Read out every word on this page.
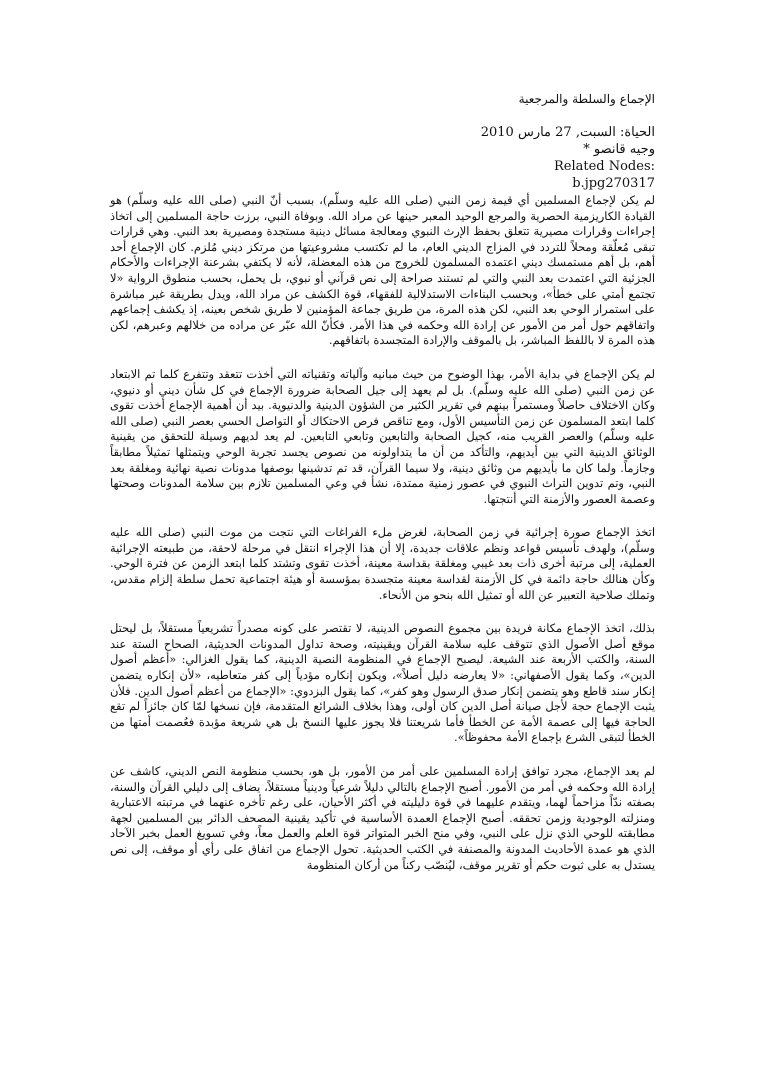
الإجماع والسلطة والمرجعية

الحياة: السبت, 27 مارس 2010

وجيه قانصو *

Related Nodes:

b.jpg270317

لم يكن لإجماع المسلمين أي قيمة زمن النبي (صلى الله عليه وسلّم)، بسبب أنّ النبي (صلى الله عليه وسلّم) هو القيادة الكاريزمية الحصرية والمرجع الوحيد المعبر حينها عن مراد الله. وبوفاة النبي، برزت حاجة المسلمين إلى اتخاذ إجراءات وقرارات مصيرية تتعلق بحفظ الإرث النبوي ومعالجة مسائل دينية مستجدة ومصيرية بعد النبي. وهي قرارات تبقى مُعلّقة ومحلاً للتردد في المزاج الديني العام، ما لم تكتسب مشروعيتها من مرتكز ديني مُلزم. كان الإجماع أحد أهم، بل أهم مستمسك ديني اعتمده المسلمون للخروج من هذه المعضلة، لأنه لا يكتفي بشرعنة الإجراءات والأحكام الجزئية التي اعتمدت بعد النبي والتي لم تستند صراحة إلى نص قرآني أو نبوي، بل يحمل، بحسب منطوق الرواية «لا تجتمع أمتي على خطأ»، وبحسب البناءات الاستدلالية للفقهاء، قوة الكشف عن مراد الله، ويدل بطريقة غير مباشرة على استمرار الوحي بعد النبي، لكن هذه المرة، من طريق جماعة المؤمنين لا طريق شخص بعينه، إذ يكشف إجماعهم واتفاقهم حول أمر من الأمور عن إرادة الله وحكمه في هذا الأمر. فكأنّ الله عبّر عن مراده من خلالهم وعبرهم، لكن هذه المرة لا باللفظ المباشر، بل بالموقف والإرادة المتجسدة باتفاقهم.

لم يكن الإجماع في بداية الأمر، بهذا الوضوح من حيث مبانيه وآلياته وتقنياته التي أخذت تتعقد وتتفرع كلما تم الابتعاد عن زمن النبي (صلى الله عليه وسلّم). بل لم يعهد إلى جيل الصحابة ضرورة الإجماع في كل شأن ديني أو دنيوي، وكان الاختلاف حاصلاً ومستمراً بينهم في تقرير الكثير من الشؤون الدينية والدنيوية. بيد أن أهمية الإجماع أخذت تقوى كلما ابتعد المسلمون عن زمن التأسيس الأول، ومع تناقص فرص الاحتكاك أو التواصل الحسي بعصر النبي (صلى الله عليه وسلّم) والعصر القريب منه، كجيل الصحابة والتابعين وتابعي التابعين. لم يعد لديهم وسيلة للتحقق من يقينية الوثائق الدينية التي بين أيديهم، والتأكد من أن ما يتداولونه من نصوص يجسد تجربة الوحي ويتمثلها تمثيلاً مطابقاً وجازماً. ولما كان ما بأيديهم من وثائق دينية، ولا سيما القرآن، قد تم تدشينها بوصفها مدونات نصية نهائية ومغلقة بعد النبي، وتم تدوين التراث النبوي في عصور زمنية ممتدة، نشأ في وعي المسلمين تلازم بين سلامة المدونات وصحتها وعصمة العصور والأزمنة التي أنتجتها.

اتخذ الإجماع صورة إجرائية في زمن الصحابة، لغرض ملء الفراغات التي نتجت من موت النبي (صلى الله عليه وسلّم)، ولهدف تأسيس قواعد ونظم علاقات جديدة، إلا أن هذا الإجراء انتقل في مرحلة لاحقة، من طبيعته الإجرائية العملية، إلى مرتبة أخرى ذات بعد غيبي ومغلقة بقداسة معينة، أخذت تقوى وتشتد كلما ابتعد الزمن عن فترة الوحي. وكأن هنالك حاجة دائمة في كل الأزمنة لقداسة معينة متجسدة بمؤسسة أو هيئة اجتماعية تحمل سلطة إلزام مقدس، وتملك صلاحية التعبير عن الله أو تمثيل الله بنحو من الأنحاء.

بذلك، اتخذ الإجماع مكانة فريدة بين مجموع النصوص الدينية، لا تقتصر على كونه مصدراً تشريعياً مستقلاً، بل ليحتل موقع أصل الأصول الذي تتوقف عليه سلامة القرآن ويقينيته، وصحة تداول المدونات الحديثية، الصحاح الستة عند السنة، والكتب الأربعة عند الشيعة. ليصبح الإجماع في المنظومة النصية الدينية، كما يقول الغزالي: «أعظم أصول الدين»، وكما يقول الأصفهاني: «لا يعارضه دليل أصلاً»، ويكون إنكاره مؤدياً إلى كفر متعاطيه، «لأن إنكاره يتضمن إنكار سند قاطع وهو يتضمن إنكار صدق الرسول وهو كفر»، كما يقول البزدوي: «الإجماع من أعظم أصول الدين. فلأن يثبت الإجماع حجة لأجل صيانة أصل الدين كان أولى، وهذا بخلاف الشرائع المتقدمة، فإن نسخها لمّا كان جائزاً لم تقع الحاجة فيها إلى عصمة الأمة عن الخطأ فأما شريعتنا فلا يجوز عليها النسخ بل هي شريعة مؤبدة فعُصمت أمتها من الخطأ لتبقى الشرع بإجماع الأمة محفوظاً».

لم يعد الإجماع، مجرد توافق إرادة المسلمين على أمر من الأمور، بل هو، بحسب منظومة النص الديني، كاشف عن إرادة الله وحكمه في أمر من الأمور. أصبح الإجماع بالتالي دليلاً شرعياً ودينياً مستقلاً، يضاف إلى دليلي القرآن والسنة، بصفته ندّاً مزاحماً لهما، ويتقدم عليهما في قوة دليليته في أكثر الأحيان، على رغم تأخره عنهما في مرتبته الاعتبارية ومنزلته الوجودية وزمن تحققه. أصبح الإجماع العمدة الأساسية في تأكيد يقينية المصحف الدائر بين المسلمين لجهة مطابقته للوحي الذي نزل على النبي، وفي منح الخبر المتواتر قوة العلم والعمل معاً، وفي تسويغ العمل بخبر الآحاد الذي هو عمدة الأحاديث المدونة والمصنفة في الكتب الحديثية. تحول الإجماع من اتفاق على رأي أو موقف، إلى نص يستدل به على ثبوت حكم أو تقرير موقف، ليُنصّب ركناً من أركان المنظومة
